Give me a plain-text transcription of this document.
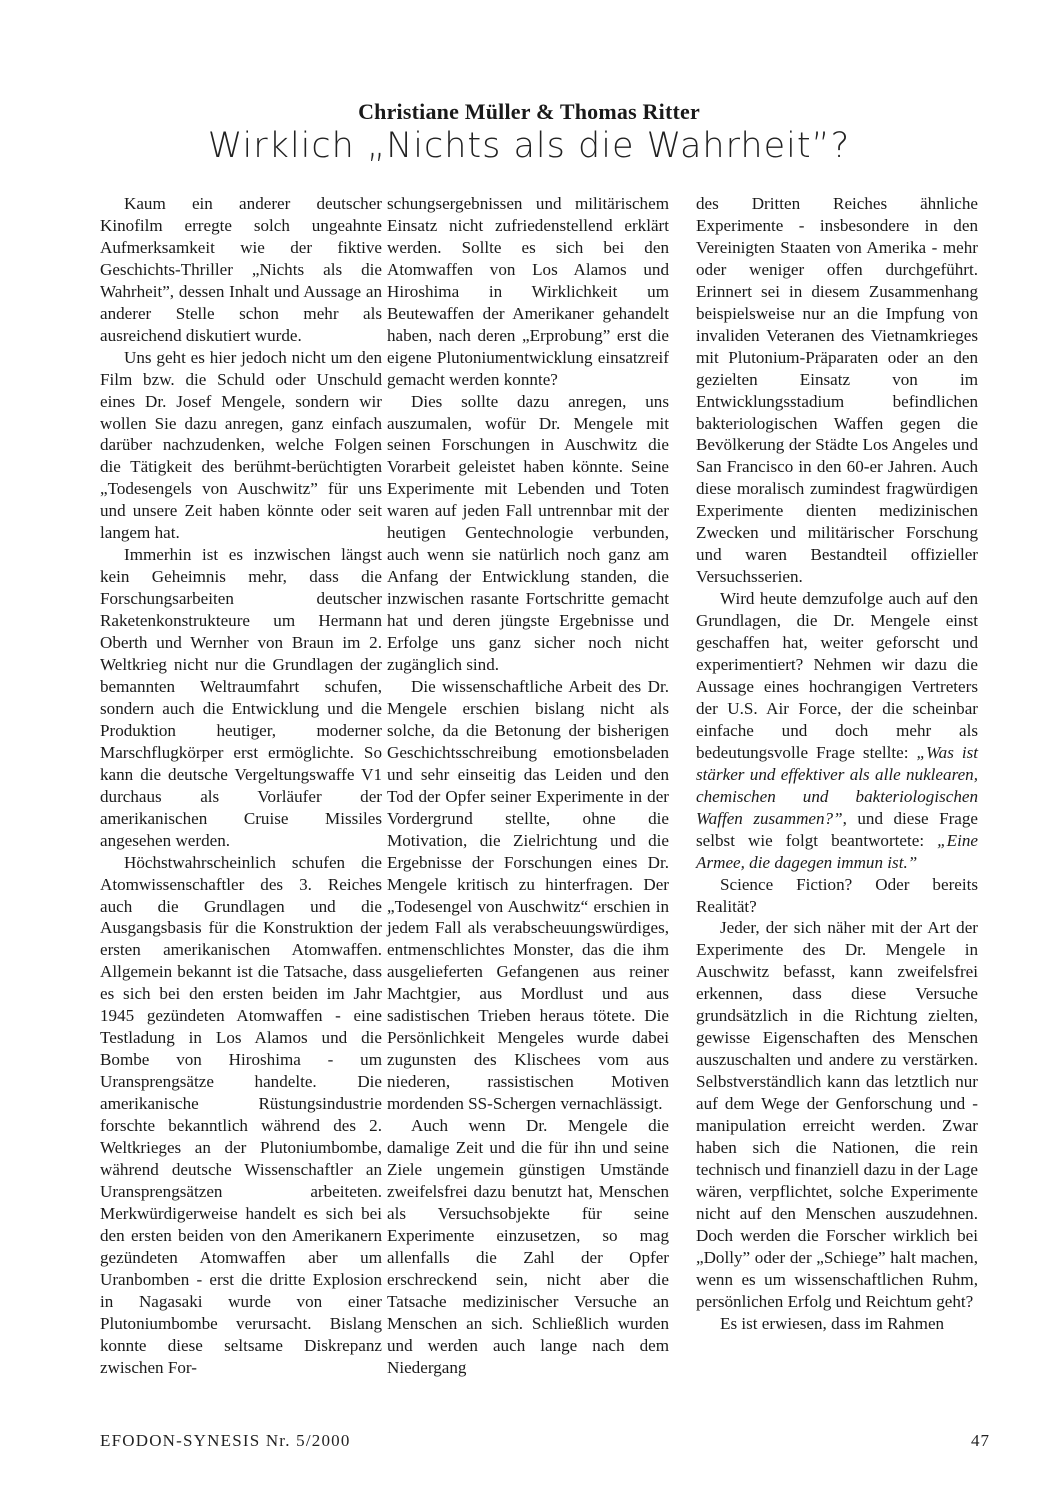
Christiane Müller & Thomas Ritter
Wirklich „Nichts als die Wahrheit”?

Kaum ein anderer deutscher Kinofilm erregte solch ungeahnte Aufmerksamkeit wie der fiktive Geschichts-Thriller „Nichts als die Wahrheit”, dessen Inhalt und Aussage an anderer Stelle schon mehr als ausreichend diskutiert wurde.

Uns geht es hier jedoch nicht um den Film bzw. die Schuld oder Unschuld eines Dr. Josef Mengele, sondern wir wollen Sie dazu anregen, ganz einfach darüber nachzudenken, welche Folgen die Tätigkeit des berühmt-berüchtigten „Todesengels von Auschwitz” für uns und unsere Zeit haben könnte oder seit langem hat.

Immerhin ist es inzwischen längst kein Geheimnis mehr, dass die Forschungsarbeiten deutscher Raketenkonstrukteure um Hermann Oberth und Wernher von Braun im 2. Weltkrieg nicht nur die Grundlagen der bemannten Weltraumfahrt schufen, sondern auch die Entwicklung und die Produktion heutiger, moderner Marschflugkörper erst ermöglichte. So kann die deutsche Vergeltungswaffe V1 durchaus als Vorläufer der amerikanischen Cruise Missiles angesehen werden.

Höchstwahrscheinlich schufen die Atomwissenschaftler des 3. Reiches auch die Grundlagen und die Ausgangsbasis für die Konstruktion der ersten amerikanischen Atomwaffen. Allgemein bekannt ist die Tatsache, dass es sich bei den ersten beiden im Jahr 1945 gezündeten Atomwaffen - eine Testladung in Los Alamos und die Bombe von Hiroshima - um Uransprengsätze handelte. Die amerikanische Rüstungsindustrie forschte bekanntlich während des 2. Weltkrieges an der Plutoniumbombe, während deutsche Wissenschaftler an Uransprengsätzen arbeiteten. Merkwürdigerweise handelt es sich bei den ersten beiden von den Amerikanern gezündeten Atomwaffen aber um Uranbomben - erst die dritte Explosion in Nagasaki wurde von einer Plutoniumbombe verursacht. Bislang konnte diese seltsame Diskrepanz zwischen For-

schungsergebnissen und militärischem Einsatz nicht zufriedenstellend erklärt werden. Sollte es sich bei den Atomwaffen von Los Alamos und Hiroshima in Wirklichkeit um Beutewaffen der Amerikaner gehandelt haben, nach deren „Erprobung” erst die eigene Plutoniumentwicklung einsatzreif gemacht werden konnte?

Dies sollte dazu anregen, uns auszumalen, wofür Dr. Mengele mit seinen Forschungen in Auschwitz die Vorarbeit geleistet haben könnte. Seine Experimente mit Lebenden und Toten waren auf jeden Fall untrennbar mit der heutigen Gentechnologie verbunden, auch wenn sie natürlich noch ganz am Anfang der Entwicklung standen, die inzwischen rasante Fortschritte gemacht hat und deren jüngste Ergebnisse und Erfolge uns ganz sicher noch nicht zugänglich sind.

Die wissenschaftliche Arbeit des Dr. Mengele erschien bislang nicht als solche, da die Betonung der bisherigen Geschichtsschreibung emotionsbeladen und sehr einseitig das Leiden und den Tod der Opfer seiner Experimente in der Vordergrund stellte, ohne die Motivation, die Zielrichtung und die Ergebnisse der Forschungen eines Dr. Mengele kritisch zu hinterfragen. Der „Todesengel von Auschwitz“ erschien in jedem Fall als verabscheuungswürdiges, entmenschlichtes Monster, das die ihm ausgelieferten Gefangenen aus reiner Machtgier, aus Mordlust und aus sadistischen Trieben heraus tötete. Die Persönlichkeit Mengeles wurde dabei zugunsten des Klischees vom aus niederen, rassistischen Motiven mordenden SS-Schergen vernachlässigt.

Auch wenn Dr. Mengele die damalige Zeit und die für ihn und seine Ziele ungemein günstigen Umstände zweifelsfrei dazu benutzt hat, Menschen als Versuchsobjekte für seine Experimente einzusetzen, so mag allenfalls die Zahl der Opfer erschreckend sein, nicht aber die Tatsache medizinischer Versuche an Menschen an sich. Schließlich wurden und werden auch lange nach dem Niedergang

des Dritten Reiches ähnliche Experimente - insbesondere in den Vereinigten Staaten von Amerika - mehr oder weniger offen durchgeführt. Erinnert sei in diesem Zusammenhang beispielsweise nur an die Impfung von invaliden Veteranen des Vietnamkrieges mit Plutonium-Präparaten oder an den gezielten Einsatz von im Entwicklungsstadium befindlichen bakteriologischen Waffen gegen die Bevölkerung der Städte Los Angeles und San Francisco in den 60-er Jahren. Auch diese moralisch zumindest fragwürdigen Experimente dienten medizinischen Zwecken und militärischer Forschung und waren Bestandteil offizieller Versuchsserien.

Wird heute demzufolge auch auf den Grundlagen, die Dr. Mengele einst geschaffen hat, weiter geforscht und experimentiert? Nehmen wir dazu die Aussage eines hochrangigen Vertreters der U.S. Air Force, der die scheinbar einfache und doch mehr als bedeutungsvolle Frage stellte: „Was ist stärker und effektiver als alle nuklearen, chemischen und bakteriologischen Waffen zusammen?”, und diese Frage selbst wie folgt beantwortete: „Eine Armee, die dagegen immun ist.”

Science Fiction? Oder bereits Realität?

Jeder, der sich näher mit der Art der Experimente des Dr. Mengele in Auschwitz befasst, kann zweifelsfrei erkennen, dass diese Versuche grundsätzlich in die Richtung zielten, gewisse Eigenschaften des Menschen auszuschalten und andere zu verstärken. Selbstverständlich kann das letztlich nur auf dem Wege der Genforschung und -manipulation erreicht werden. Zwar haben sich die Nationen, die rein technisch und finanziell dazu in der Lage wären, verpflichtet, solche Experimente nicht auf den Menschen auszudehnen. Doch werden die Forscher wirklich bei „Dolly” oder der „Schiege” halt machen, wenn es um wissenschaftlichen Ruhm, persönlichen Erfolg und Reichtum geht?

Es ist erwiesen, dass im Rahmen

EFODON-SYNESIS Nr. 5/2000	47
